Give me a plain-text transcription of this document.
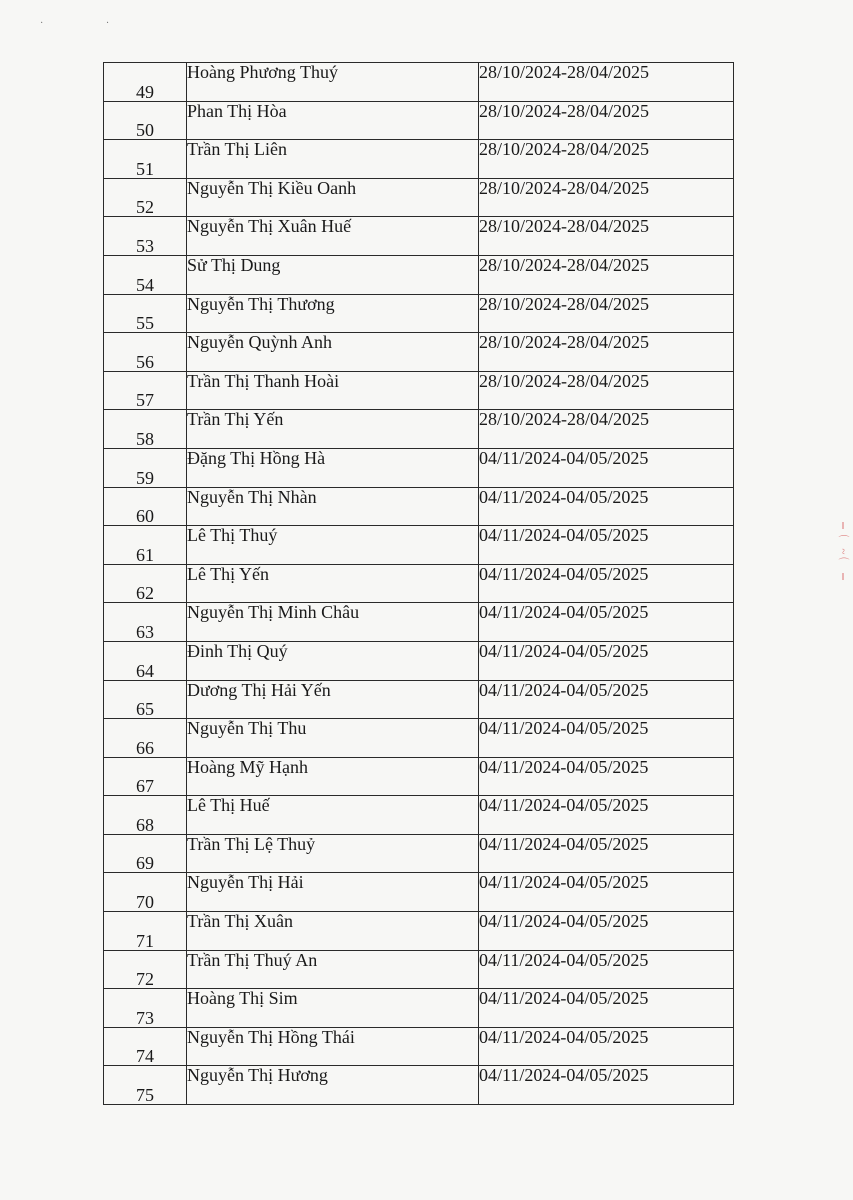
· ·
49	Hoàng Phương Thuý	28/10/2024-28/04/2025
50	Phan Thị Hòa	28/10/2024-28/04/2025
51	Trần Thị Liên	28/10/2024-28/04/2025
52	Nguyễn Thị Kiều Oanh	28/10/2024-28/04/2025
53	Nguyễn Thị Xuân Huế	28/10/2024-28/04/2025
54	Sử Thị Dung	28/10/2024-28/04/2025
55	Nguyễn Thị Thương	28/10/2024-28/04/2025
56	Nguyễn Quỳnh Anh	28/10/2024-28/04/2025
57	Trần Thị Thanh Hoài	28/10/2024-28/04/2025
58	Trần Thị Yến	28/10/2024-28/04/2025
59	Đặng Thị Hồng Hà	04/11/2024-04/05/2025
60	Nguyễn Thị Nhàn	04/11/2024-04/05/2025
61	Lê Thị Thuý	04/11/2024-04/05/2025
62	Lê Thị Yến	04/11/2024-04/05/2025
63	Nguyễn Thị Minh Châu	04/11/2024-04/05/2025
64	Đinh Thị Quý	04/11/2024-04/05/2025
65	Dương Thị Hải Yến	04/11/2024-04/05/2025
66	Nguyễn Thị Thu	04/11/2024-04/05/2025
67	Hoàng Mỹ Hạnh	04/11/2024-04/05/2025
68	Lê Thị Huế	04/11/2024-04/05/2025
69	Trần Thị Lệ Thuỷ	04/11/2024-04/05/2025
70	Nguyễn Thị Hải	04/11/2024-04/05/2025
71	Trần Thị Xuân	04/11/2024-04/05/2025
72	Trần Thị Thuý An	04/11/2024-04/05/2025
73	Hoàng Thị Sim	04/11/2024-04/05/2025
74	Nguyễn Thị Hồng Thái	04/11/2024-04/05/2025
75	Nguyễn Thị Hương	04/11/2024-04/05/2025
‖ ⌒ ~ ⌒ ‖
